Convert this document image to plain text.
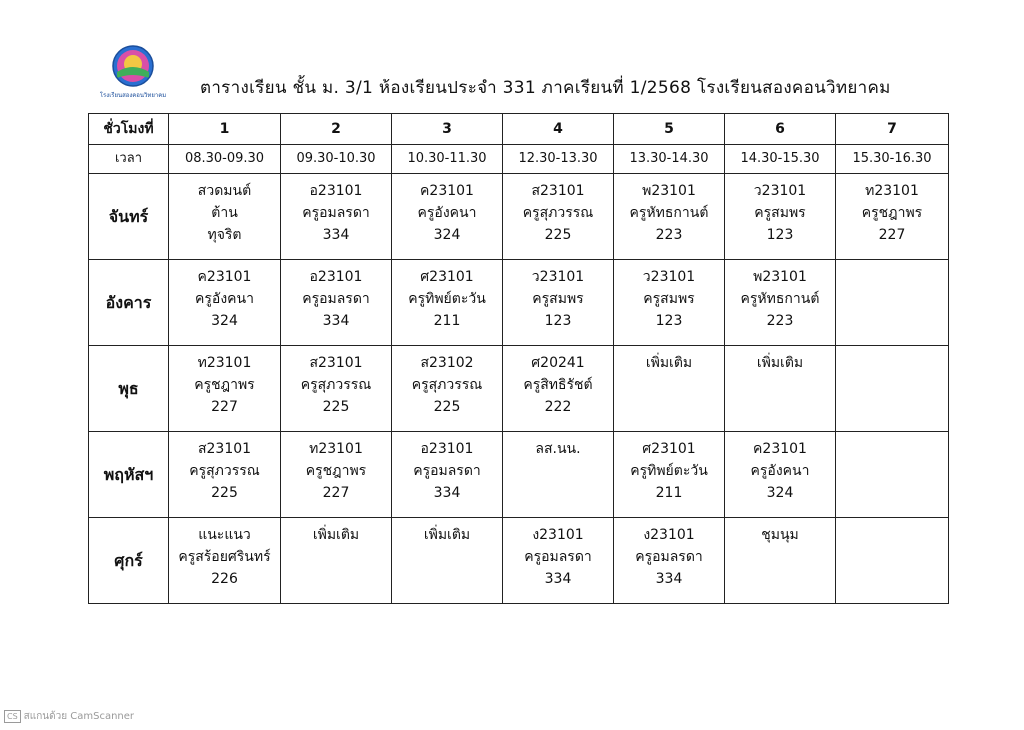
โรงเรียนสองคอนวิทยาคม ตารางเรียน ชั้น ม. 3/1 ห้องเรียนประจำ 331 ภาคเรียนที่ 1/2568 โรงเรียนสองคอนวิทยาคม
ชั่วโมงที่	1	2	3	4	5	6	7
เวลา	08.30-09.30	09.30-10.30	10.30-11.30	12.30-13.30	13.30-14.30	14.30-15.30	15.30-16.30
จันทร์	สวดมนต์
ต้าน
ทุจริต	อ23101
ครูอมลรดา
334	ค23101
ครูอังคนา
324	ส23101
ครูสุภวรรณ
225	พ23101
ครูหัทธกานต์
223	ว23101
ครูสมพร
123	ท23101
ครูชฎาพร
227

อังคาร	ค23101
ครูอังคนา
324	อ23101
ครูอมลรดา
334	ศ23101
ครูทิพย์ตะวัน
211	ว23101
ครูสมพร
123	ว23101
ครูสมพร
123	พ23101
ครูหัทธกานต์
223	

พุธ	ท23101
ครูชฎาพร
227	ส23101
ครูสุภวรรณ
225	ส23102
ครูสุภวรรณ
225	ศ20241
ครูสิทธิรัชต์
222	เพิ่มเติม	เพิ่มเติม	

พฤหัสฯ	ส23101
ครูสุภวรรณ
225	ท23101
ครูชฎาพร
227	อ23101
ครูอมลรดา
334	ลส.นน.	ศ23101
ครูทิพย์ตะวัน
211	ค23101
ครูอังคนา
324	

ศุกร์	แนะแนว
ครูสร้อยศรินทร์
226	เพิ่มเติม	เพิ่มเติม	ง23101
ครูอมลรดา
334	ง23101
ครูอมลรดา
334	ชุมนุม	

CS สแกนด้วย CamScanner
